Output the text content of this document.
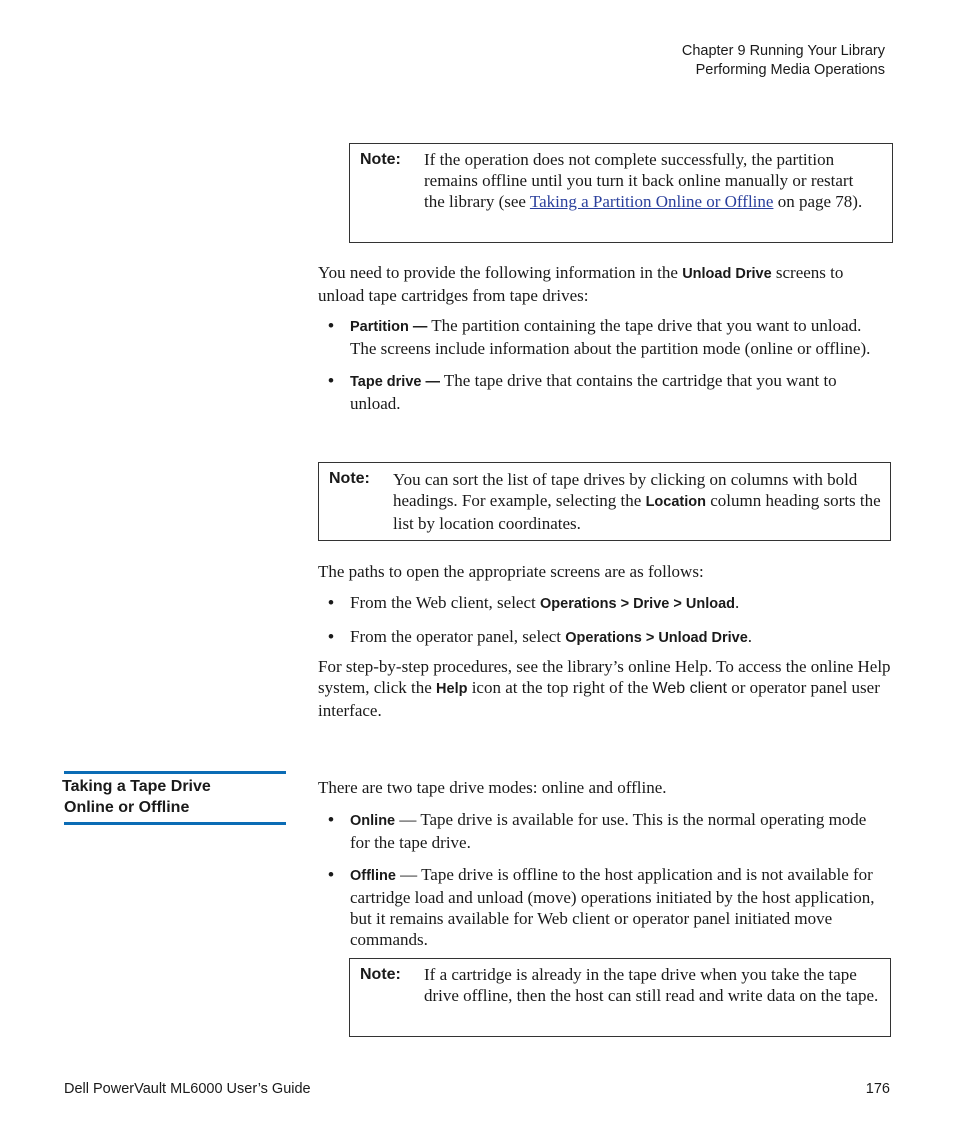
Chapter 9 Running Your Library
Performing Media Operations
Note: If the operation does not complete successfully, the partition remains offline until you turn it back online manually or restart the library (see Taking a Partition Online or Offline on page 78).
You need to provide the following information in the Unload Drive screens to unload tape cartridges from tape drives:
• Partition — The partition containing the tape drive that you want to unload. The screens include information about the partition mode (online or offline).
• Tape drive — The tape drive that contains the cartridge that you want to unload.
Note: You can sort the list of tape drives by clicking on columns with bold headings. For example, selecting the Location column heading sorts the list by location coordinates.
The paths to open the appropriate screens are as follows:
• From the Web client, select Operations > Drive > Unload.
• From the operator panel, select Operations > Unload Drive.
For step-by-step procedures, see the library’s online Help. To access the online Help system, click the Help icon at the top right of the Web client or operator panel user interface.
Taking a Tape Drive
Online or Offline
There are two tape drive modes: online and offline.
• Online — Tape drive is available for use. This is the normal operating mode for the tape drive.
• Offline — Tape drive is offline to the host application and is not available for cartridge load and unload (move) operations initiated by the host application, but it remains available for Web client or operator panel initiated move commands.
Note: If a cartridge is already in the tape drive when you take the tape drive offline, then the host can still read and write data on the tape.
Dell PowerVault ML6000 User’s Guide	176
